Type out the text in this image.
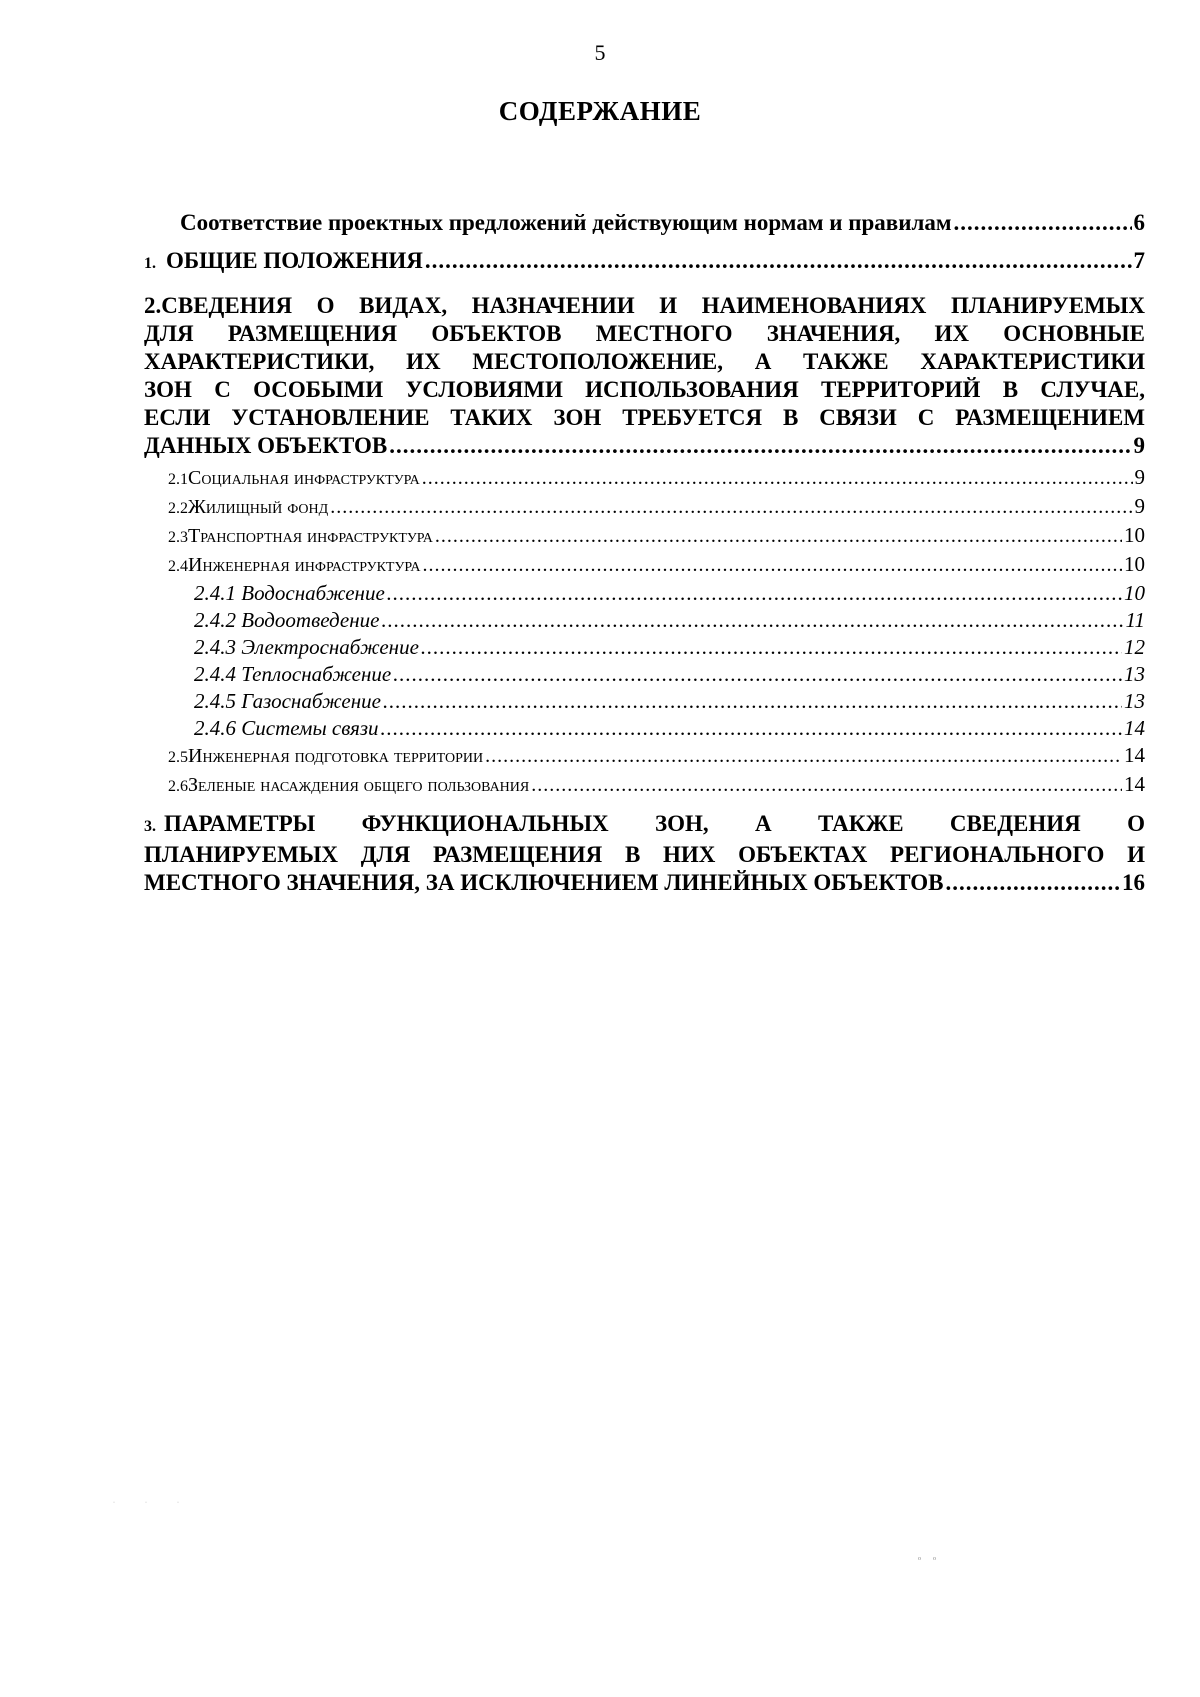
5
СОДЕРЖАНИЕ
Соответствие проектных предложений действующим нормам и правилам .....	6
1. ОБЩИЕ ПОЛОЖЕНИЯ .....	7
2.СВЕДЕНИЯ О ВИДАХ, НАЗНАЧЕНИИ И НАИМЕНОВАНИЯХ ПЛАНИРУЕМЫХ
ДЛЯ РАЗМЕЩЕНИЯ ОБЪЕКТОВ МЕСТНОГО ЗНАЧЕНИЯ, ИХ ОСНОВНЫЕ
ХАРАКТЕРИСТИКИ, ИХ МЕСТОПОЛОЖЕНИЕ, А ТАКЖЕ ХАРАКТЕРИСТИКИ
ЗОН С ОСОБЫМИ УСЛОВИЯМИ ИСПОЛЬЗОВАНИЯ ТЕРРИТОРИЙ В СЛУЧАЕ,
ЕСЛИ УСТАНОВЛЕНИЕ ТАКИХ ЗОН ТРЕБУЕТСЯ В СВЯЗИ С РАЗМЕЩЕНИЕМ
ДАННЫХ ОБЪЕКТОВ .....	9
2.1 Социальная инфраструктура .....	9
2.2 Жилищный фонд .....	9
2.3 Транспортная инфраструктура .....	10
2.4 Инженерная инфраструктура .....	10
2.4.1 Водоснабжение .....	10
2.4.2 Водоотведение .....	11
2.4.3 Электроснабжение .....	12
2.4.4 Теплоснабжение .....	13
2.4.5 Газоснабжение .....	13
2.4.6 Системы связи .....	14
2.5 Инженерная подготовка территории .....	14
2.6 Зеленые насаждения общего пользования .....	14
3. ПАРАМЕТРЫ ФУНКЦИОНАЛЬНЫХ ЗОН, А ТАКЖЕ СВЕДЕНИЯ О
ПЛАНИРУЕМЫХ ДЛЯ РАЗМЕЩЕНИЯ В НИХ ОБЪЕКТАХ РЕГИОНАЛЬНОГО И
МЕСТНОГО ЗНАЧЕНИЯ, ЗА ИСКЛЮЧЕНИЕМ ЛИНЕЙНЫХ ОБЪЕКТОВ .....	16
·                    ·                    ·
o        o
